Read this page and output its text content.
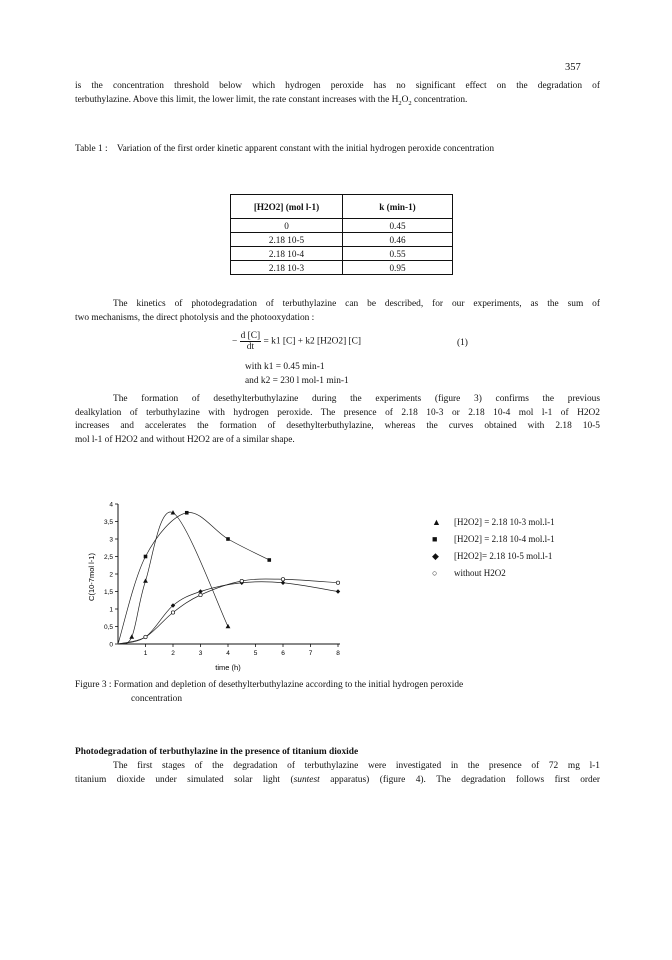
357

is the concentration threshold below which hydrogen peroxide has no significant effect on the degradation of

terbuthylazine. Above this limit, the lower limit, the rate constant increases with the $H_2O_2$ concentration.

Table 1 :    Variation of the first order kinetic apparent constant with the initial hydrogen peroxide concentration
[H2O2] (mol l-1)	k (min-1)
0	0.45
2.18 10-5	0.46
2.18 10-4	0.55
2.18 10-3	0.95

The kinetics of photodegradation of terbuthylazine can be described, for our experiments, as the sum of

two mechanisms, the direct photolysis and the photooxydation :

− $\frac{d [C]}{dt} = k1$ [C] + k2 [H2O2] [C]	(1)
with k1 = 0.45 min-1
and k2 = 230 l mol-1 min-1

The formation of desethylterbuthylazine during the experiments (figure 3) confirms the previous

dealkylation of terbuthylazine with hydrogen peroxide. The presence of 2.18 10-3 or 2.18 10-4 mol l-1 of H2O2

increases and accelerates the formation of desethylterbuthylazine, whereas the curves obtained with 2.18 10-5

mol l-1 of H2O2 and without H2O2 are of a similar shape.

C(10-7mol l-1)
time (h)
0
0,5
1
1,5
2
2,5
3
3,5
4
1	2	3	4	5	6	7	8
▲ [H2O2] = 2.18 10-3 mol.l-1
■ [H2O2] = 2.18 10-4 mol.l-1
◆ [H2O2]= 2.18 10-5 mol.l-1
○ without H2O2

Figure 3 : Formation and depletion of desethylterbuthylazine according to the initial hydrogen peroxide

concentration

Photodegradation of terbuthylazine in the presence of titanium dioxide

The first stages of the degradation of terbuthylazine were investigated in the presence of 72 mg l-1

titanium dioxide under simulated solar light (suntest apparatus) (figure 4). The degradation follows first order
